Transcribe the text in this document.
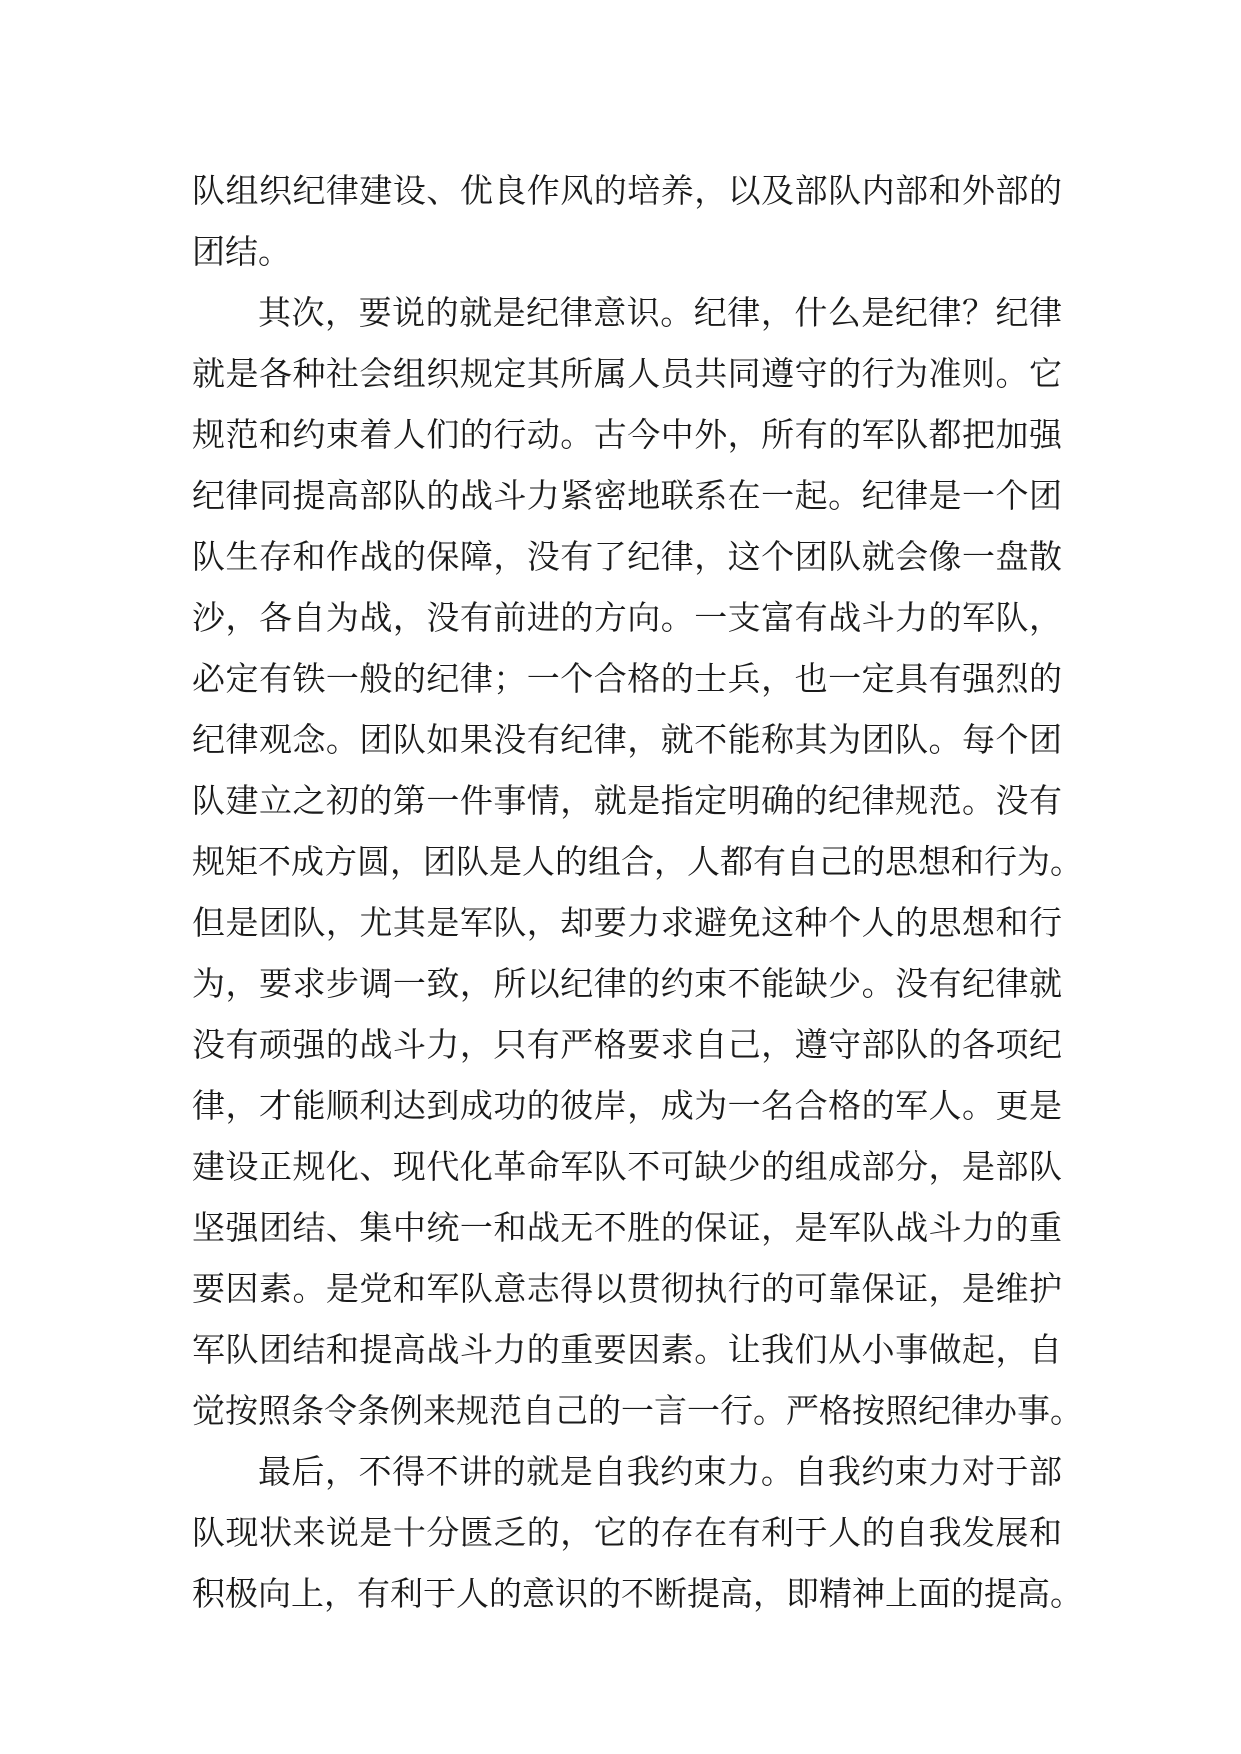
队组织纪律建设、优良作风的培养，以及部队内部和外部的
团结。
其次，要说的就是纪律意识。纪律，什么是纪律？纪律
就是各种社会组织规定其所属人员共同遵守的行为准则。它
规范和约束着人们的行动。古今中外，所有的军队都把加强
纪律同提高部队的战斗力紧密地联系在一起。纪律是一个团
队生存和作战的保障，没有了纪律，这个团队就会像一盘散
沙，各自为战，没有前进的方向。一支富有战斗力的军队，
必定有铁一般的纪律；一个合格的士兵，也一定具有强烈的
纪律观念。团队如果没有纪律，就不能称其为团队。每个团
队建立之初的第一件事情，就是指定明确的纪律规范。没有
规矩不成方圆，团队是人的组合，人都有自己的思想和行为。
但是团队，尤其是军队，却要力求避免这种个人的思想和行
为，要求步调一致，所以纪律的约束不能缺少。没有纪律就
没有顽强的战斗力，只有严格要求自己，遵守部队的各项纪
律，才能顺利达到成功的彼岸，成为一名合格的军人。更是
建设正规化、现代化革命军队不可缺少的组成部分，是部队
坚强团结、集中统一和战无不胜的保证，是军队战斗力的重
要因素。是党和军队意志得以贯彻执行的可靠保证，是维护
军队团结和提高战斗力的重要因素。让我们从小事做起，自
觉按照条令条例来规范自己的一言一行。严格按照纪律办事。
最后，不得不讲的就是自我约束力。自我约束力对于部
队现状来说是十分匮乏的，它的存在有利于人的自我发展和
积极向上，有利于人的意识的不断提高，即精神上面的提高。
